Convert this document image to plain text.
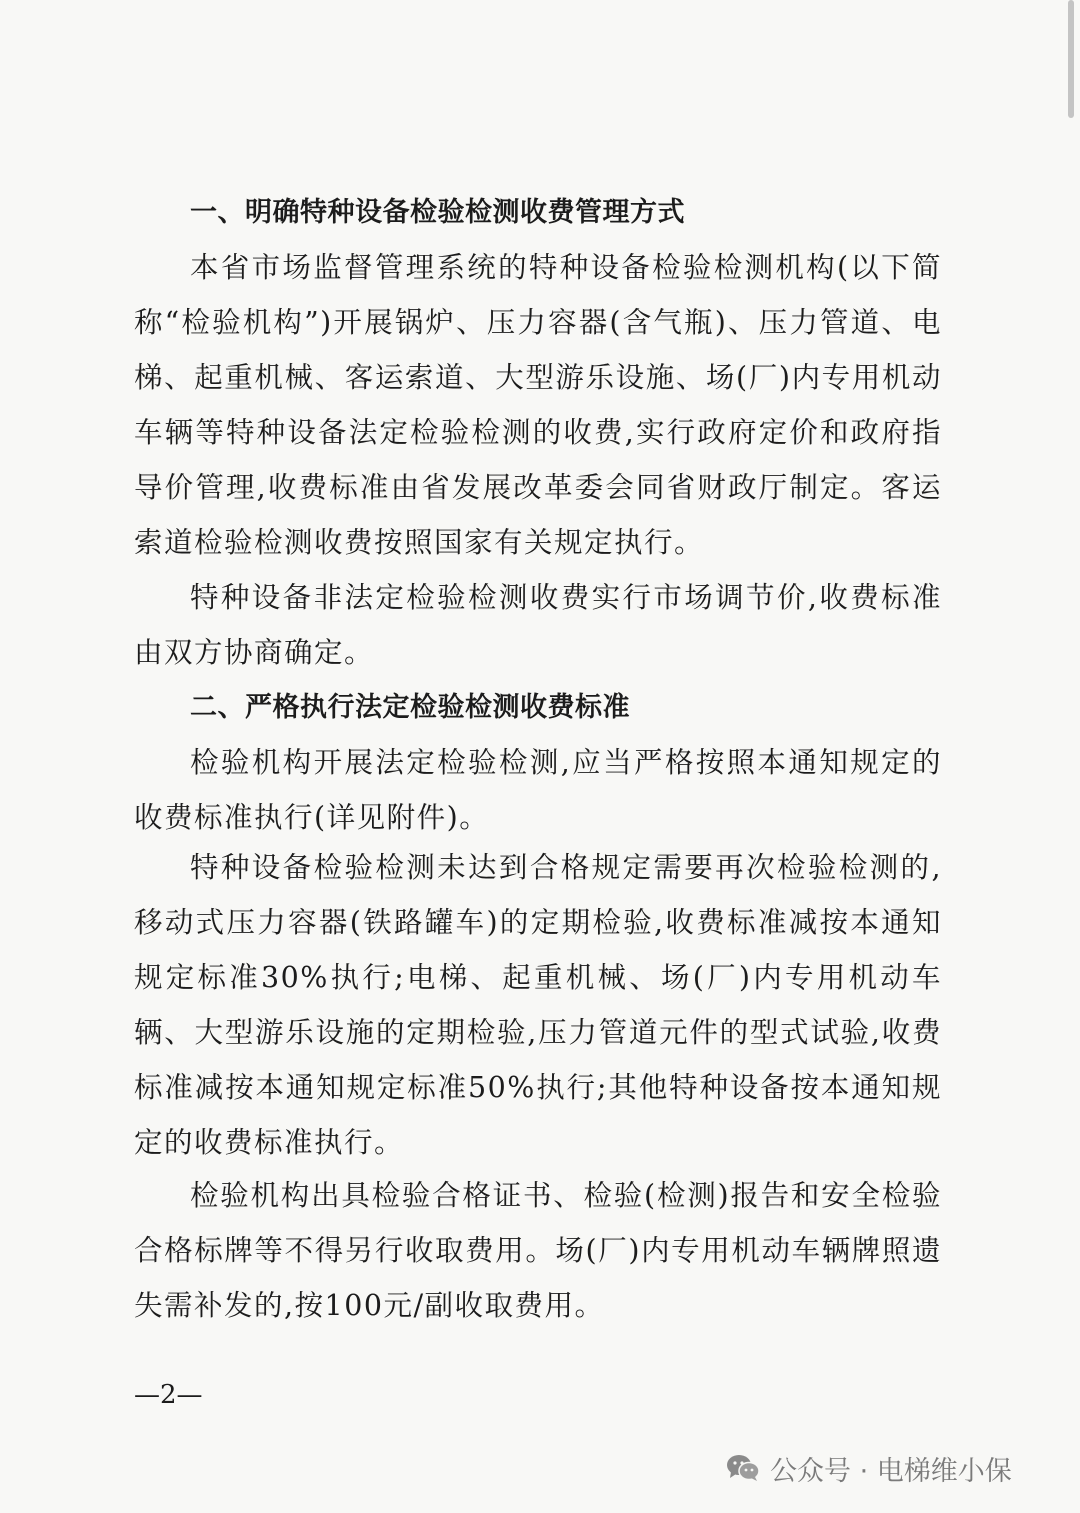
一、明确特种设备检验检测收费管理方式

本省市场监督管理系统的特种设备检验检测机构(以下简称“检验机构”)开展锅炉、压力容器(含气瓶)、压力管道、电梯、起重机械、客运索道、大型游乐设施、场(厂)内专用机动车辆等特种设备法定检验检测的收费,实行政府定价和政府指导价管理,收费标准由省发展改革委会同省财政厅制定。客运索道检验检测收费按照国家有关规定执行。

特种设备非法定检验检测收费实行市场调节价,收费标准由双方协商确定。

二、严格执行法定检验检测收费标准

检验机构开展法定检验检测,应当严格按照本通知规定的收费标准执行(详见附件)。

特种设备检验检测未达到合格规定需要再次检验检测的,移动式压力容器(铁路罐车)的定期检验,收费标准减按本通知规定标准30%执行;电梯、起重机械、场(厂)内专用机动车辆、大型游乐设施的定期检验,压力管道元件的型式试验,收费标准减按本通知规定标准50%执行;其他特种设备按本通知规定的收费标准执行。

检验机构出具检验合格证书、检验(检测)报告和安全检验合格标牌等不得另行收取费用。场(厂)内专用机动车辆牌照遗失需补发的,按100元/副收取费用。

—2—
公众号 · 电梯维小保
